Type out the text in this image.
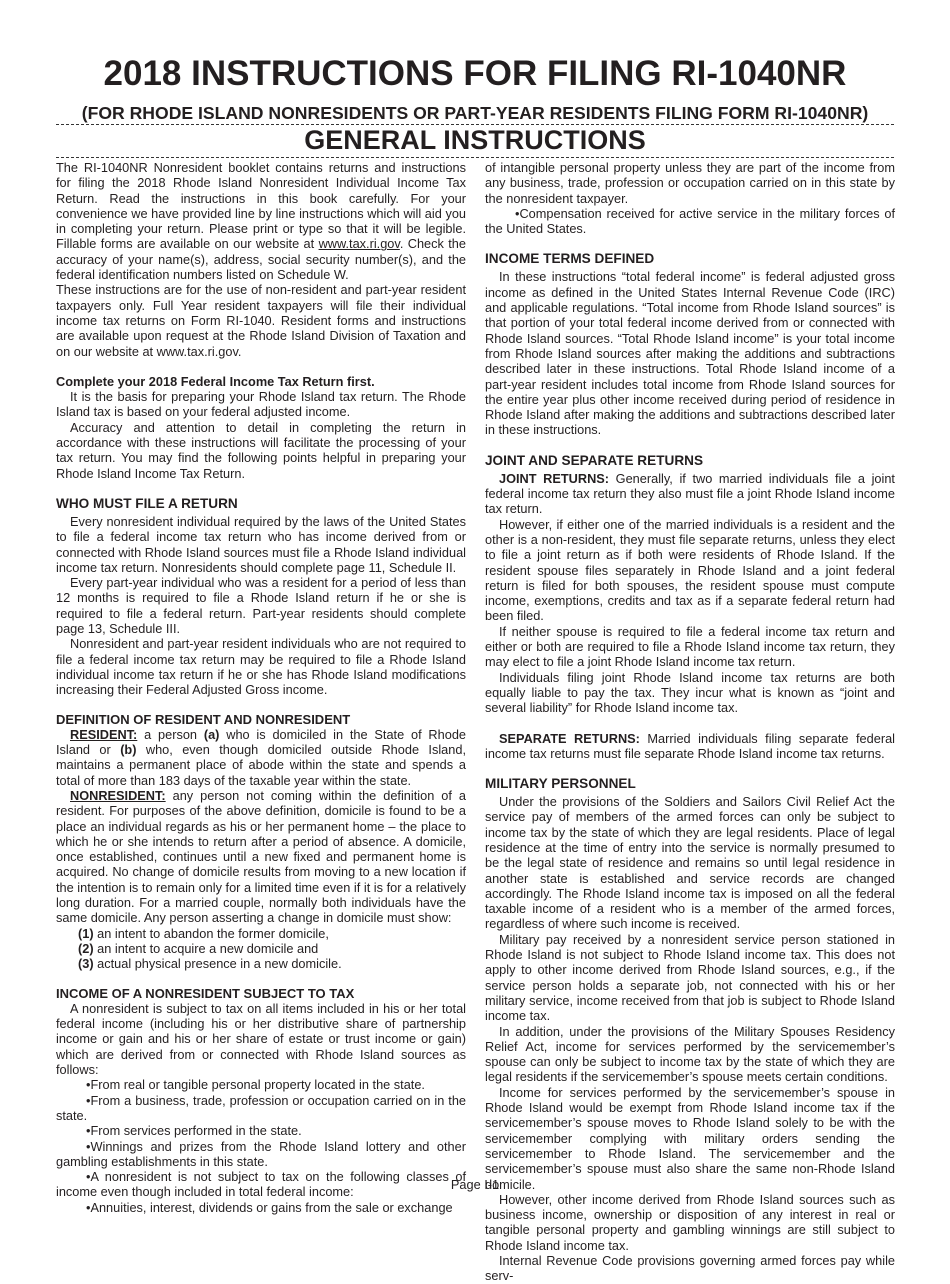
2018 INSTRUCTIONS FOR FILING RI-1040NR
(FOR RHODE ISLAND NONRESIDENTS OR PART-YEAR RESIDENTS FILING FORM RI-1040NR)
GENERAL INSTRUCTIONS

The RI-1040NR Nonresident booklet contains returns and instructions for filing the 2018 Rhode Island Nonresident Individual Income Tax Return. Read the instructions in this book carefully. For your convenience we have provided line by line instructions which will aid you in completing your return. Please print or type so that it will be legible. Fillable forms are available on our website at www.tax.ri.gov. Check the accuracy of your name(s), address, social security number(s), and the federal identification numbers listed on Schedule W.

These instructions are for the use of non-resident and part-year resident taxpayers only. Full Year resident taxpayers will file their individual income tax returns on Form RI-1040. Resident forms and instructions are available upon request at the Rhode Island Division of Taxation and on our website at www.tax.ri.gov.

Complete your 2018 Federal Income Tax Return first.

It is the basis for preparing your Rhode Island tax return. The Rhode Island tax is based on your federal adjusted income.

Accuracy and attention to detail in completing the return in accordance with these instructions will facilitate the processing of your tax return. You may find the following points helpful in preparing your Rhode Island Income Tax Return.

WHO MUST FILE A RETURN

Every nonresident individual required by the laws of the United States to file a federal income tax return who has income derived from or connected with Rhode Island sources must file a Rhode Island individual income tax return. Nonresidents should complete page 11, Schedule II.

Every part-year individual who was a resident for a period of less than 12 months is required to file a Rhode Island return if he or she is required to file a federal return. Part-year residents should complete page 13, Schedule III.

Nonresident and part-year resident individuals who are not required to file a federal income tax return may be required to file a Rhode Island individual income tax return if he or she has Rhode Island modifications increasing their Federal Adjusted Gross income.

DEFINITION OF RESIDENT AND NONRESIDENT

RESIDENT: a person (a) who is domiciled in the State of Rhode Island or (b) who, even though domiciled outside Rhode Island, maintains a permanent place of abode within the state and spends a total of more than 183 days of the taxable year within the state.

NONRESIDENT: any person not coming within the definition of a resident. For purposes of the above definition, domicile is found to be a place an individual regards as his or her permanent home – the place to which he or she intends to return after a period of absence. A domicile, once established, continues until a new fixed and permanent home is acquired. No change of domicile results from moving to a new location if the intention is to remain only for a limited time even if it is for a relatively long duration. For a married couple, normally both individuals have the same domicile. Any person asserting a change in domicile must show:

(1) an intent to abandon the former domicile,

(2) an intent to acquire a new domicile and

(3) actual physical presence in a new domicile.

INCOME OF A NONRESIDENT SUBJECT TO TAX

A nonresident is subject to tax on all items included in his or her total federal income (including his or her distributive share of partnership income or gain and his or her share of estate or trust income or gain) which are derived from or connected with Rhode Island sources as follows:

•From real or tangible personal property located in the state.

•From a business, trade, profession or occupation carried on in the state.

•From services performed in the state.

•Winnings and prizes from the Rhode Island lottery and other gambling establishments in this state.

•A nonresident is not subject to tax on the following classes of income even though included in total federal income:

•Annuities, interest, dividends or gains from the sale or exchange

of intangible personal property unless they are part of the income from any business, trade, profession or occupation carried on in this state by the nonresident taxpayer.

•Compensation received for active service in the military forces of the United States.

INCOME TERMS DEFINED

In these instructions “total federal income” is federal adjusted gross income as defined in the United States Internal Revenue Code (IRC) and applicable regulations. “Total income from Rhode Island sources” is that portion of your total federal income derived from or connected with Rhode Island sources. “Total Rhode Island income” is your total income from Rhode Island sources after making the additions and subtractions described later in these instructions. Total Rhode Island income of a part-year resident includes total income from Rhode Island sources for the entire year plus other income received during period of residence in Rhode Island after making the additions and subtractions described later in these instructions.

JOINT AND SEPARATE RETURNS

JOINT RETURNS: Generally, if two married individuals file a joint federal income tax return they also must file a joint Rhode Island income tax return.

However, if either one of the married individuals is a resident and the other is a non-resident, they must file separate returns, unless they elect to file a joint return as if both were residents of Rhode Island. If the resident spouse files separately in Rhode Island and a joint federal return is filed for both spouses, the resident spouse must compute income, exemptions, credits and tax as if a separate federal return had been filed.

If neither spouse is required to file a federal income tax return and either or both are required to file a Rhode Island income tax return, they may elect to file a joint Rhode Island income tax return.

Individuals filing joint Rhode Island income tax returns are both equally liable to pay the tax. They incur what is known as “joint and several liability” for Rhode Island income tax.

SEPARATE RETURNS: Married individuals filing separate federal income tax returns must file separate Rhode Island income tax returns.

MILITARY PERSONNEL

Under the provisions of the Soldiers and Sailors Civil Relief Act the service pay of members of the armed forces can only be subject to income tax by the state of which they are legal residents. Place of legal residence at the time of entry into the service is normally presumed to be the legal state of residence and remains so until legal residence in another state is established and service records are changed accordingly. The Rhode Island income tax is imposed on all the federal taxable income of a resident who is a member of the armed forces, regardless of where such income is received.

Military pay received by a nonresident service person stationed in Rhode Island is not subject to Rhode Island income tax. This does not apply to other income derived from Rhode Island sources, e.g., if the service person holds a separate job, not connected with his or her military service, income received from that job is subject to Rhode Island income tax.

In addition, under the provisions of the Military Spouses Residency Relief Act, income for services performed by the servicemember’s spouse can only be subject to income tax by the state of which they are legal residents if the servicemember’s spouse meets certain conditions.

Income for services performed by the servicemember’s spouse in Rhode Island would be exempt from Rhode Island income tax if the servicemember’s spouse moves to Rhode Island solely to be with the servicemember complying with military orders sending the servicemember to Rhode Island. The servicemember and the servicemember’s spouse must also share the same non-Rhode Island domicile.

However, other income derived from Rhode Island sources such as business income, ownership or disposition of any interest in real or tangible personal property and gambling winnings are still subject to Rhode Island income tax.

Internal Revenue Code provisions governing armed forces pay while serv-

Page I-1
